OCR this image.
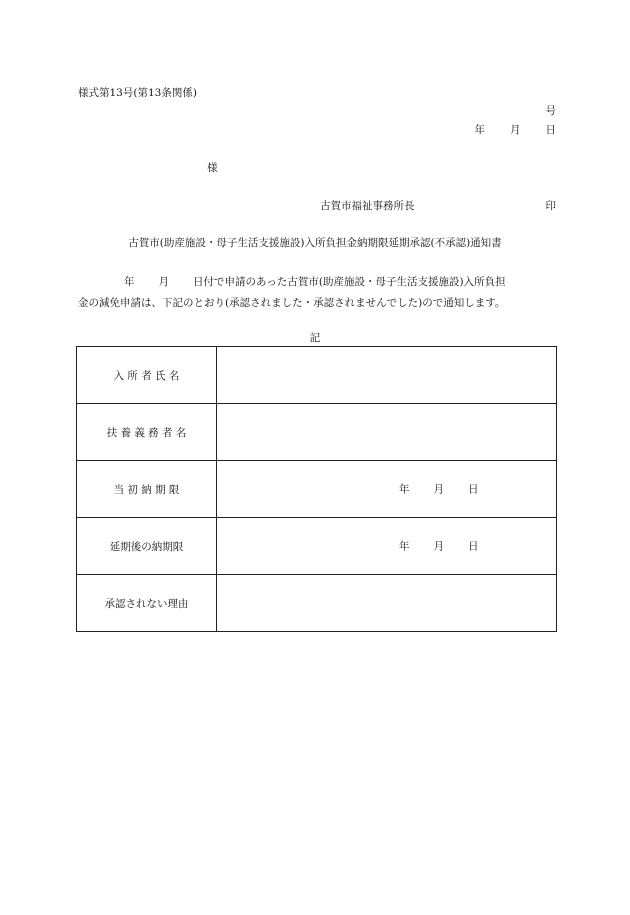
様式第13号(第13条関係)
号
年 月 日
様
古賀市福祉事務所長	印
古賀市(助産施設・母子生活支援施設)入所負担金納期限延期承認(不承認)通知書
年 月 日付で申請のあった古賀市(助産施設・母子生活支援施設)入所負担
金の減免申請は、下記のとおり(承認されました・承認されませんでした)ので通知します。
記
入 所 者 氏 名	
扶 養 義 務 者 名	
当 初 納 期 限	年 月 日

延期後の納期限	年 月 日

承認されない理由	
